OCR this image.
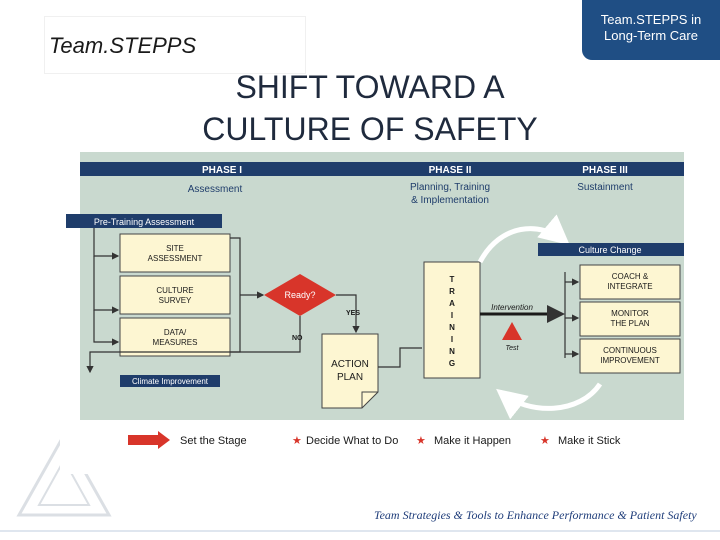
Team.STEPPS
Team.STEPPS in
Long-Term Care
SHIFT TOWARD A
CULTURE OF SAFETY
PHASE I	PHASE II	PHASE III
Assessment	Planning, Training
& Implementation
Sustainment
Pre-Training Assessment
SITE
ASSESSMENT
CULTURE
SURVEY
DATA/
MEASURES
Ready?
NO
YES
Climate Improvement
ACTION
PLAN
T
R
A
I
N
I
N
G
Intervention
Test
Culture Change
COACH &
INTEGRATE
MONITOR
THE PLAN
CONTINUOUS
IMPROVEMENT
Set the Stage	★ Decide What to Do ★ Make it Happen	★ Make it Stick
Team Strategies & Tools to Enhance Performance & Patient Safety
